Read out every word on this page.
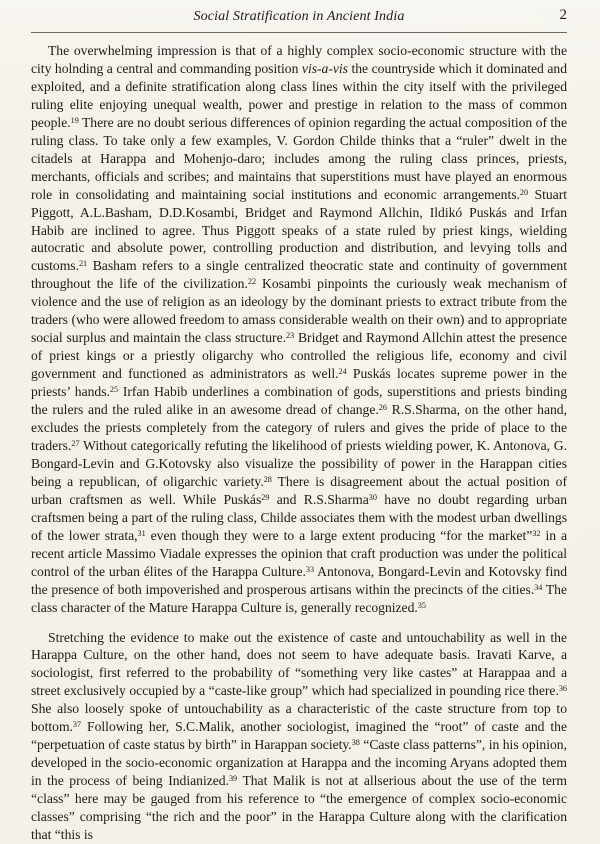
Social Stratification in Ancient India	2

The overwhelming impression is that of a highly complex socio-economic structure with the city holnding a central and commanding position vis-a-vis the countryside which it dominated and exploited, and a definite stratification along class lines within the city itself with the privileged ruling elite enjoying unequal wealth, power and prestige in relation to the mass of common people.$^{19}$ There are no doubt serious differences of opinion regarding the actual composition of the ruling class. To take only a few examples, V. Gordon Childe thinks that a “ruler” dwelt in the citadels at Harappa and Mohenjo-daro; includes among the ruling class princes, priests, merchants, officials and scribes; and maintains that superstitions must have played an enormous role in consolidating and maintaining social institutions and economic arrangements.$^{20}$ Stuart Piggott, A.L.Basham, D.D.Kosambi, Bridget and Raymond Allchin, Ildikó Puskás and Irfan Habib are inclined to agree. Thus Piggott speaks of a state ruled by priest kings, wielding autocratic and absolute power, controlling production and distribution, and levying tolls and customs.$^{21}$ Basham refers to a single centralized theocratic state and continuity of government throughout the life of the civilization.$^{22}$ Kosambi pinpoints the curiously weak mechanism of violence and the use of religion as an ideology by the dominant priests to extract tribute from the traders (who were allowed freedom to amass considerable wealth on their own) and to appropriate social surplus and maintain the class structure.$^{23}$ Bridget and Raymond Allchin attest the presence of priest kings or a priestly oligarchy who controlled the religious life, economy and civil government and functioned as administrators as well.$^{24}$ Puskás locates supreme power in the priests’ hands.$^{25}$ Irfan Habib underlines a combination of gods, superstitions and priests binding the rulers and the ruled alike in an awesome dread of change.$^{26}$ R.S.Sharma, on the other hand, excludes the priests completely from the category of rulers and gives the pride of place to the traders.$^{27}$ Without categorically refuting the likelihood of priests wielding power, K. Antonova, G. Bongard-Levin and G.Kotovsky also visualize the possibility of power in the Harappan cities being a republican, of oligarchic variety.$^{28}$ There is disagreement about the actual position of urban craftsmen as well. While Puskás$^{29}$ and R.S.Sharma$^{30}$ have no doubt regarding urban craftsmen being a part of the ruling class, Childe associates them with the modest urban dwellings of the lower strata,$^{31}$ even though they were to a large extent producing “for the market”$^{32}$ in a recent article Massimo Viadale expresses the opinion that craft production was under the political control of the urban élites of the Harappa Culture.$^{33}$ Antonova, Bongard-Levin and Kotovsky find the presence of both impoverished and prosperous artisans within the precincts of the cities.$^{34}$ The class character of the Mature Harappa Culture is, generally recognized.$^{35}$

Stretching the evidence to make out the existence of caste and untouchability as well in the Harappa Culture, on the other hand, does not seem to have adequate basis. Iravati Karve, a sociologist, first referred to the probability of “something very like castes” at Harappaa and a street exclusively occupied by a “caste-like group” which had specialized in pounding rice there.$^{36}$ She also loosely spoke of untouchability as a characteristic of the caste structure from top to bottom.$^{37}$ Following her, S.C.Malik, another sociologist, imagined the “root” of caste and the “perpetuation of caste status by birth” in Harappan society.$^{38}$ “Caste class patterns”, in his opinion, developed in the socio-economic organization at Harappa and the incoming Aryans adopted them in the process of being Indianized.$^{39}$ That Malik is not at allserious about the use of the term “class” here may be gauged from his reference to “the emergence of complex socio-economic classes” comprising “the rich and the poor” in the Harappa Culture along with the clarification that “this is
